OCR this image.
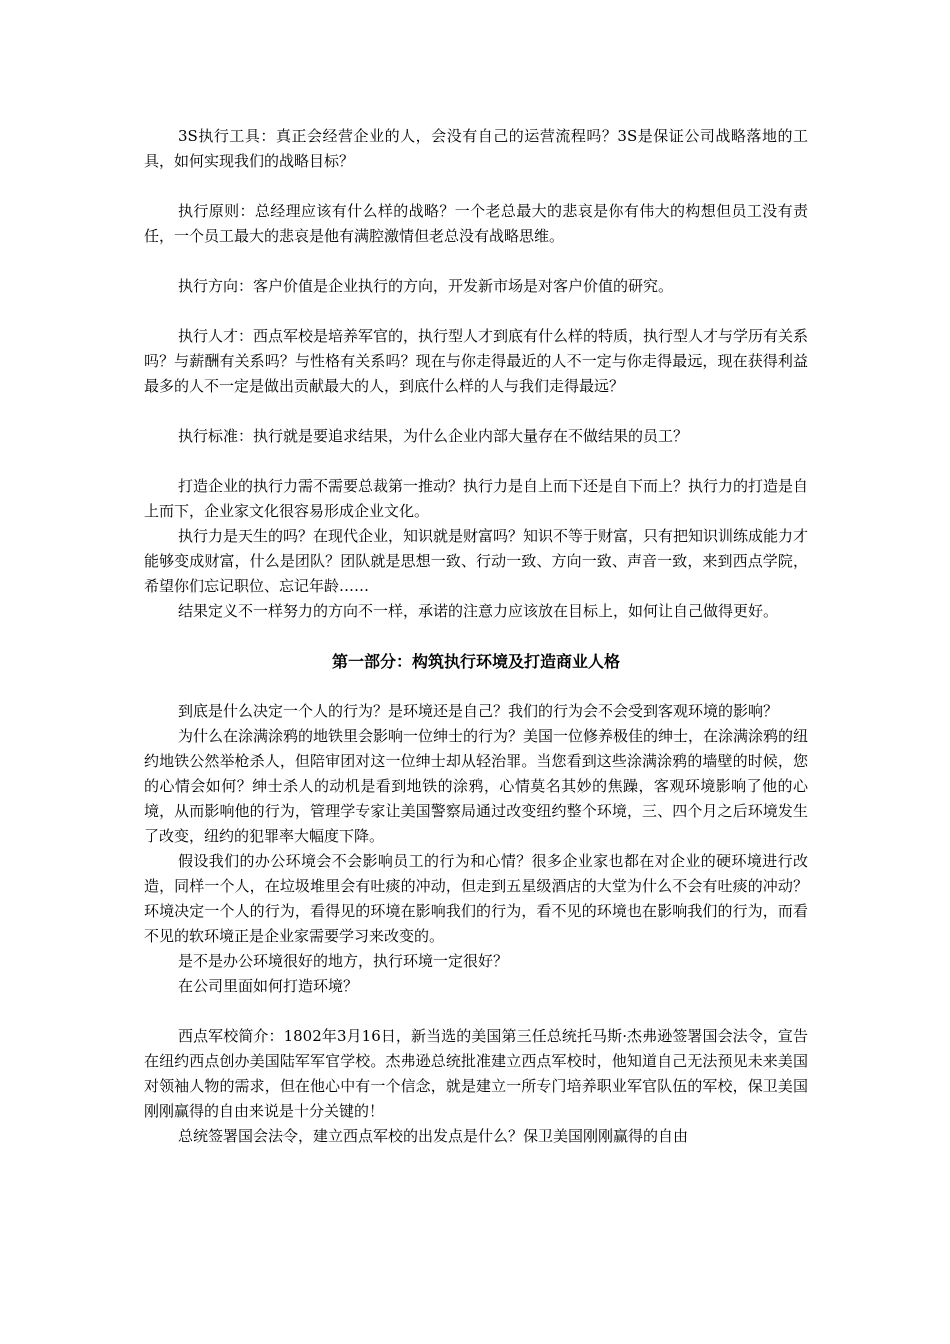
3S执行工具：真正会经营企业的人，会没有自己的运营流程吗？3S是保证公司战略落地的工具，如何实现我们的战略目标？

执行原则：总经理应该有什么样的战略？一个老总最大的悲哀是你有伟大的构想但员工没有责任，一个员工最大的悲哀是他有满腔激情但老总没有战略思维。

执行方向：客户价值是企业执行的方向，开发新市场是对客户价值的研究。

执行人才：西点军校是培养军官的，执行型人才到底有什么样的特质，执行型人才与学历有关系吗？与薪酬有关系吗？与性格有关系吗？现在与你走得最近的人不一定与你走得最远，现在获得利益最多的人不一定是做出贡献最大的人，到底什么样的人与我们走得最远？

执行标准：执行就是要追求结果，为什么企业内部大量存在不做结果的员工？

打造企业的执行力需不需要总裁第一推动？执行力是自上而下还是自下而上？执行力的打造是自上而下，企业家文化很容易形成企业文化。

执行力是天生的吗？在现代企业，知识就是财富吗？知识不等于财富，只有把知识训练成能力才能够变成财富，什么是团队？团队就是思想一致、行动一致、方向一致、声音一致，来到西点学院，希望你们忘记职位、忘记年龄……

结果定义不一样努力的方向不一样，承诺的注意力应该放在目标上，如何让自己做得更好。

第一部分：构筑执行环境及打造商业人格

到底是什么决定一个人的行为？是环境还是自己？我们的行为会不会受到客观环境的影响？

为什么在涂满涂鸦的地铁里会影响一位绅士的行为？美国一位修养极佳的绅士，在涂满涂鸦的纽约地铁公然举枪杀人，但陪审团对这一位绅士却从轻治罪。当您看到这些涂满涂鸦的墙壁的时候，您的心情会如何？绅士杀人的动机是看到地铁的涂鸦，心情莫名其妙的焦躁，客观环境影响了他的心境，从而影响他的行为，管理学专家让美国警察局通过改变纽约整个环境，三、四个月之后环境发生了改变，纽约的犯罪率大幅度下降。

假设我们的办公环境会不会影响员工的行为和心情？很多企业家也都在对企业的硬环境进行改造，同样一个人，在垃圾堆里会有吐痰的冲动，但走到五星级酒店的大堂为什么不会有吐痰的冲动？环境决定一个人的行为，看得见的环境在影响我们的行为，看不见的环境也在影响我们的行为，而看不见的软环境正是企业家需要学习来改变的。

是不是办公环境很好的地方，执行环境一定很好？

在公司里面如何打造环境？

西点军校简介：1802年3月16日，新当选的美国第三任总统托马斯·杰弗逊签署国会法令，宣告在纽约西点创办美国陆军军官学校。杰弗逊总统批准建立西点军校时，他知道自己无法预见未来美国对领袖人物的需求，但在他心中有一个信念，就是建立一所专门培养职业军官队伍的军校，保卫美国刚刚赢得的自由来说是十分关键的！

总统签署国会法令，建立西点军校的出发点是什么？保卫美国刚刚赢得的自由
